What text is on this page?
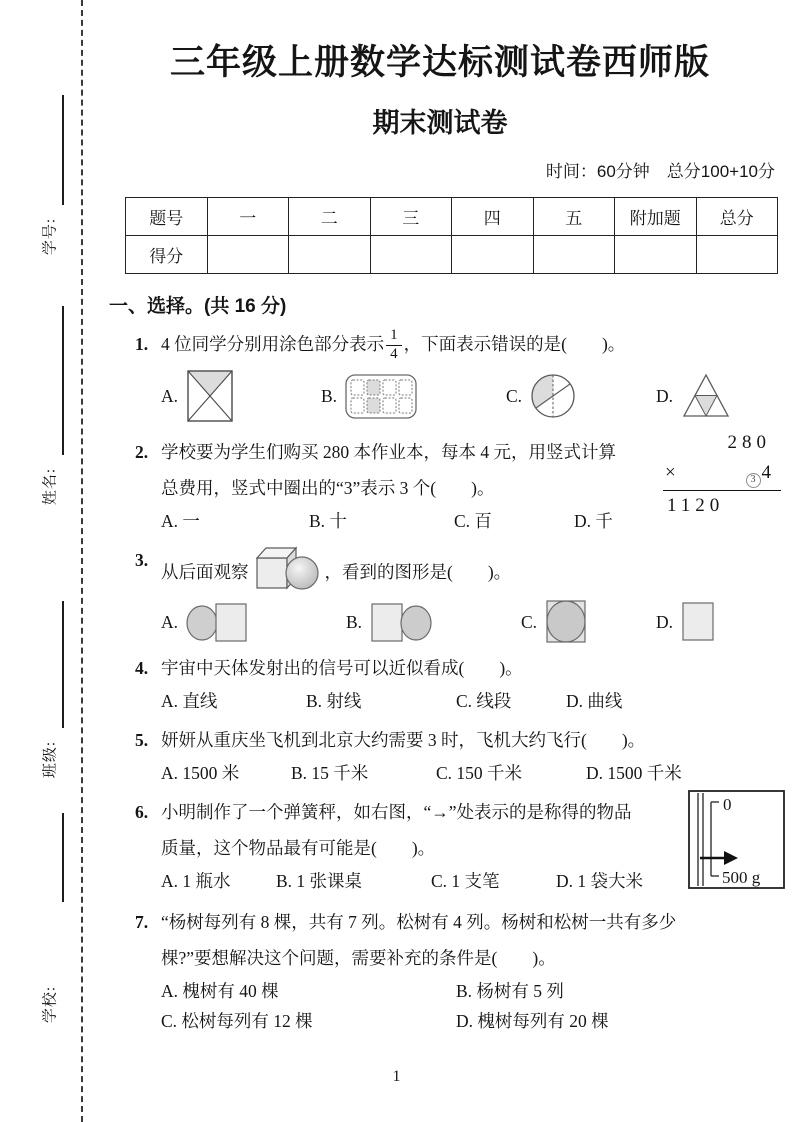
学号:
姓名:
班级:
学校:
三年级上册数学达标测试卷西师版
期末测试卷
时间：60分钟　总分100+10分
题号	一	二	三	四	五	附加题	总分
得分							
一、选择。(共 16 分)
1. 4 位同学分别用涂色部分表示 $\frac{1}{4}$ ，下面表示错误的是(　　)。
A.	B.	C.	D.
2.	280
×	3 4
1120
学校要为学生们购买 280 本作业本，每本 4 元，用竖式计算
总费用，竖式中圈出的“3”表示 3 个(　　)。
A. 一	B. 十	C. 百	D. 千
3.
从后面观察	，看到的图形是(　　)。
A.	B.	C.	D.
4. 宇宙中天体发射出的信号可以近似看成(　　)。
A. 直线	B. 射线	C. 线段	D. 曲线
5. 妍妍从重庆坐飞机到北京大约需要 3 时，飞机大约飞行(　　)。
A. 1500 米	B. 15 千米	C. 150 千米	D. 1500 千米
6.	0
500 g
小明制作了一个弹簧秤，如右图，“→”处表示的是称得的物品
质量，这个物品最有可能是(　　)。
A. 1 瓶水	B. 1 张课桌	C. 1 支笔	D. 1 袋大米
7. “杨树每列有 8 棵，共有 7 列。松树有 4 列。杨树和松树一共有多少
棵?”要想解决这个问题，需要补充的条件是(　　)。
A. 槐树有 40 棵	B. 杨树有 5 列
C. 松树每列有 12 棵	D. 槐树每列有 20 棵
1
